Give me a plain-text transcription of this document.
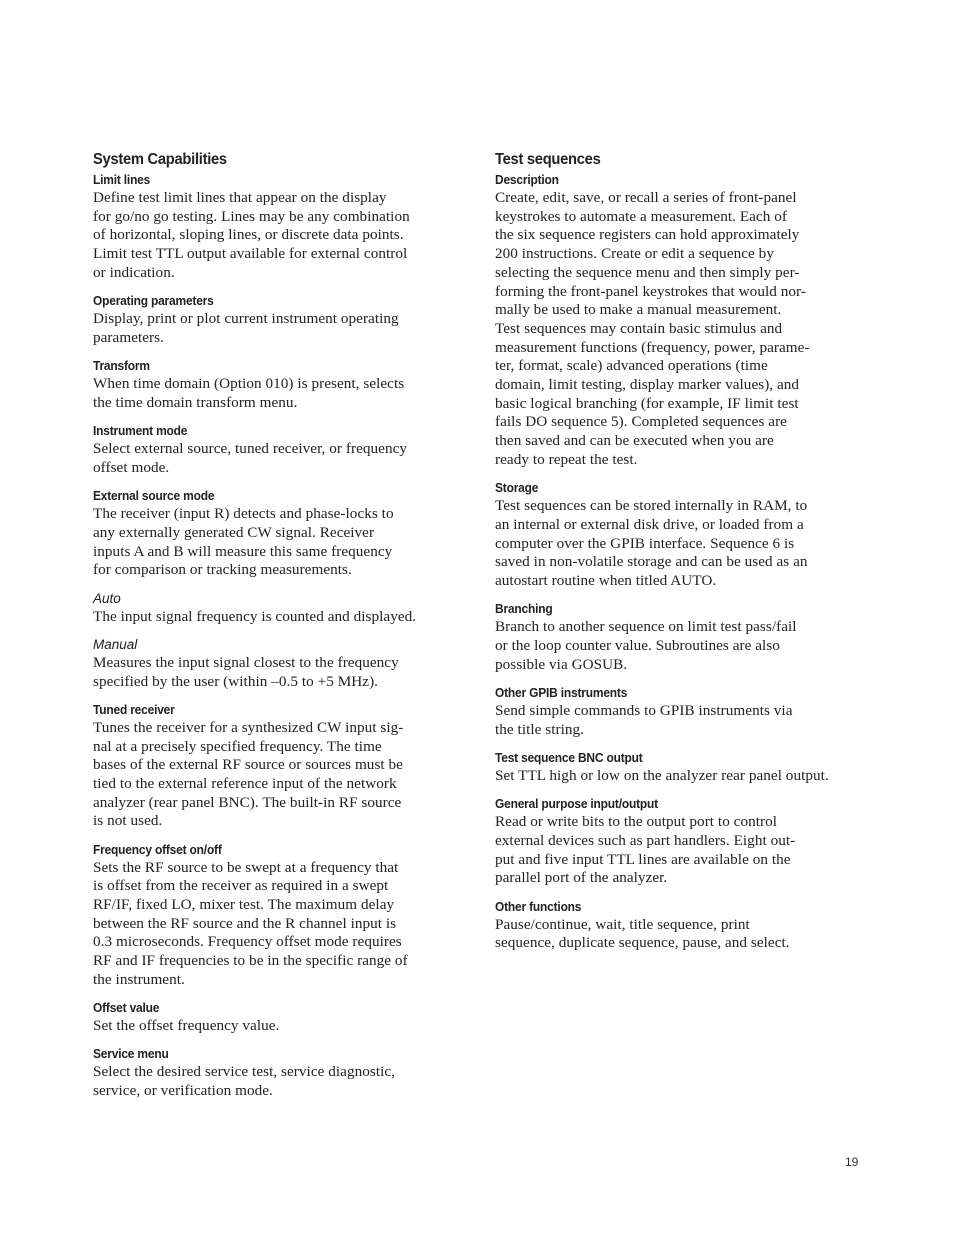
System Capabilities
Limit lines

Define test limit lines that appear on the display
for go/no go testing. Lines may be any combination
of horizontal, sloping lines, or discrete data points.
Limit test TTL output available for external control
or indication.

Operating parameters

Display, print or plot current instrument operating
parameters.

Transform

When time domain (Option 010) is present, selects
the time domain transform menu.

Instrument mode

Select external source, tuned receiver, or frequency
offset mode.

External source mode

The receiver (input R) detects and phase-locks to
any externally generated CW signal. Receiver
inputs A and B will measure this same frequency
for comparison or tracking measurements.

Auto

The input signal frequency is counted and displayed.

Manual

Measures the input signal closest to the frequency
specified by the user (within –0.5 to +5 MHz).

Tuned receiver

Tunes the receiver for a synthesized CW input sig-
nal at a precisely specified frequency. The time
bases of the external RF source or sources must be
tied to the external reference input of the network
analyzer (rear panel BNC). The built-in RF source
is not used.

Frequency offset on/off

Sets the RF source to be swept at a frequency that
is offset from the receiver as required in a swept
RF/IF, fixed LO, mixer test. The maximum delay
between the RF source and the R channel input is
0.3 microseconds. Frequency offset mode requires
RF and IF frequencies to be in the specific range of
the instrument.

Offset value

Set the offset frequency value.

Service menu

Select the desired service test, service diagnostic,
service, or verification mode.

Test sequences
Description

Create, edit, save, or recall a series of front-panel
keystrokes to automate a measurement. Each of
the six sequence registers can hold approximately
200 instructions. Create or edit a sequence by
selecting the sequence menu and then simply per-
forming the front-panel keystrokes that would nor-
mally be used to make a manual measurement.
Test sequences may contain basic stimulus and
measurement functions (frequency, power, parame-
ter, format, scale) advanced operations (time
domain, limit testing, display marker values), and
basic logical branching (for example, IF limit test
fails DO sequence 5). Completed sequences are
then saved and can be executed when you are
ready to repeat the test.

Storage

Test sequences can be stored internally in RAM, to
an internal or external disk drive, or loaded from a
computer over the GPIB interface. Sequence 6 is
saved in non-volatile storage and can be used as an
autostart routine when titled AUTO.

Branching

Branch to another sequence on limit test pass/fail
or the loop counter value. Subroutines are also
possible via GOSUB.

Other GPIB instruments

Send simple commands to GPIB instruments via
the title string.

Test sequence BNC output

Set TTL high or low on the analyzer rear panel output.

General purpose input/output

Read or write bits to the output port to control
external devices such as part handlers. Eight out-
put and five input TTL lines are available on the
parallel port of the analyzer.

Other functions

Pause/continue, wait, title sequence, print
sequence, duplicate sequence, pause, and select.

19
